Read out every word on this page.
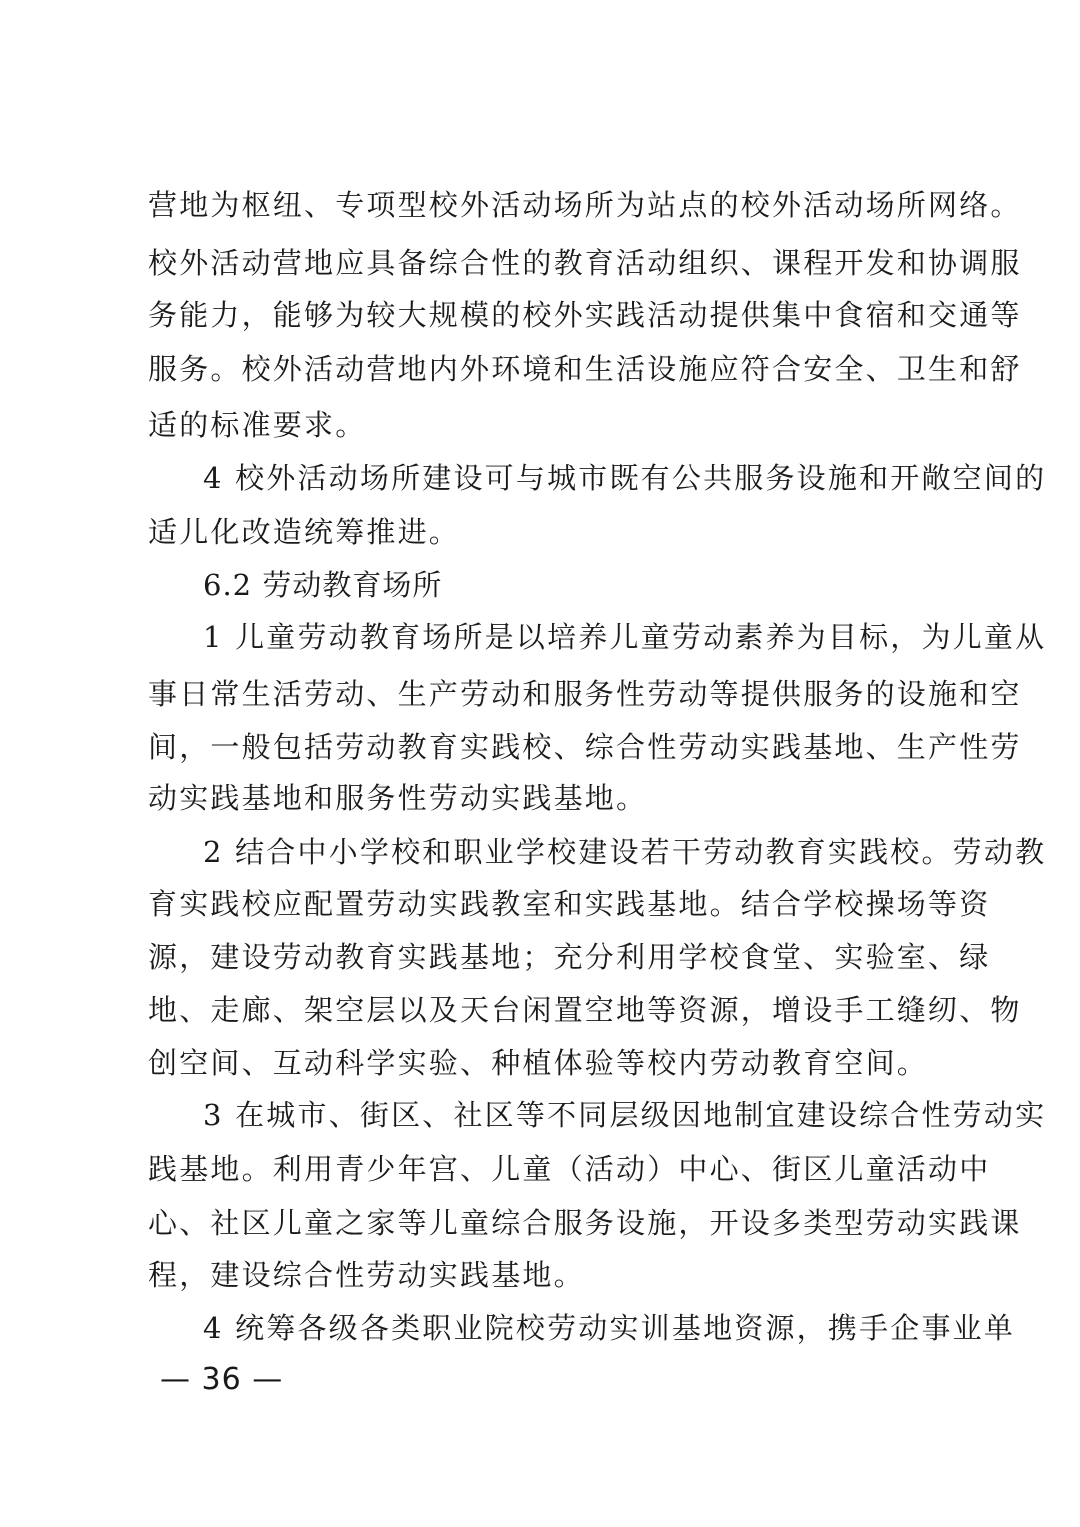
营地为枢纽、专项型校外活动场所为站点的校外活动场所网络。
校外活动营地应具备综合性的教育活动组织、课程开发和协调服
务能力，能够为较大规模的校外实践活动提供集中食宿和交通等
服务。校外活动营地内外环境和生活设施应符合安全、卫生和舒
适的标准要求。
4 校外活动场所建设可与城市既有公共服务设施和开敞空间的
适儿化改造统筹推进。
6.2 劳动教育场所
1 儿童劳动教育场所是以培养儿童劳动素养为目标，为儿童从
事日常生活劳动、生产劳动和服务性劳动等提供服务的设施和空
间，一般包括劳动教育实践校、综合性劳动实践基地、生产性劳
动实践基地和服务性劳动实践基地。
2 结合中小学校和职业学校建设若干劳动教育实践校。劳动教
育实践校应配置劳动实践教室和实践基地。结合学校操场等资
源，建设劳动教育实践基地；充分利用学校食堂、实验室、绿
地、走廊、架空层以及天台闲置空地等资源，增设手工缝纫、物
创空间、互动科学实验、种植体验等校内劳动教育空间。
3 在城市、街区、社区等不同层级因地制宜建设综合性劳动实
践基地。利用青少年宫、儿童（活动）中心、街区儿童活动中
心、社区儿童之家等儿童综合服务设施，开设多类型劳动实践课
程，建设综合性劳动实践基地。
4 统筹各级各类职业院校劳动实训基地资源，携手企事业单
— 36 —
